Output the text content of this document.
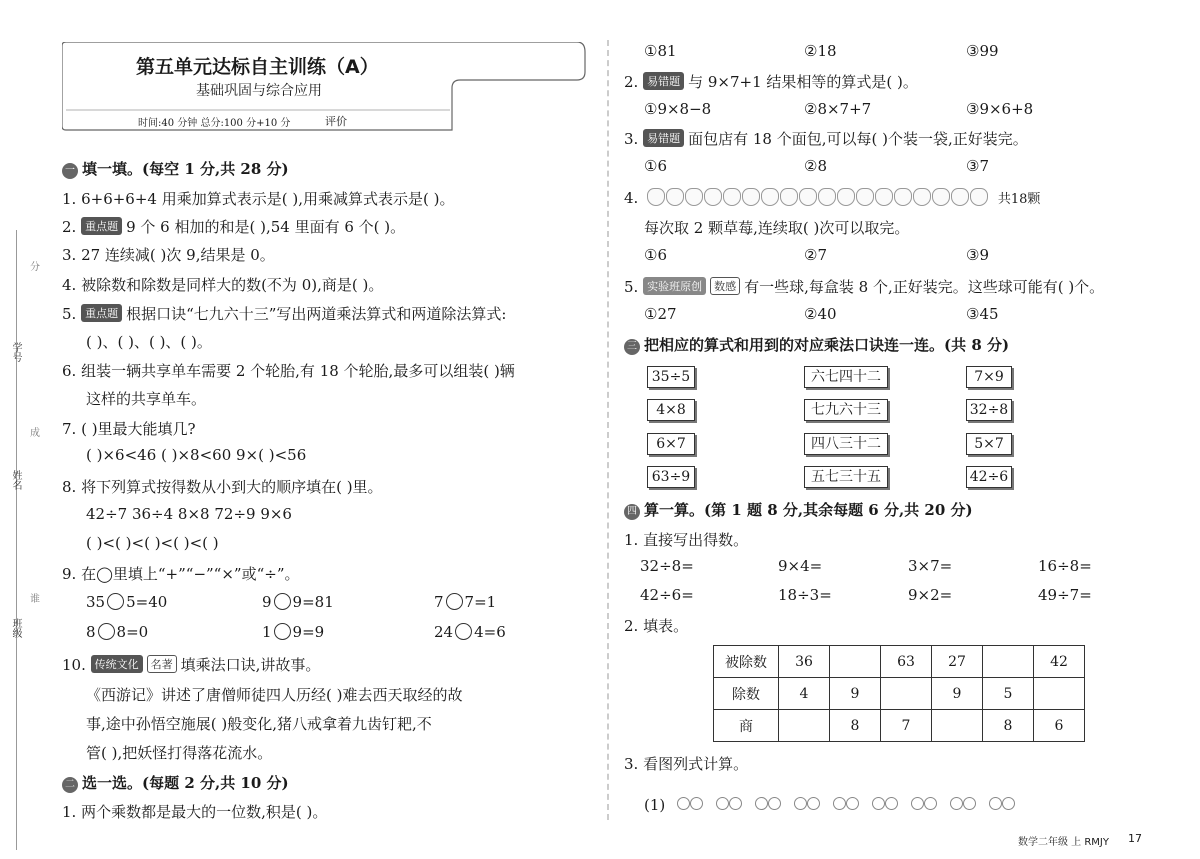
分
学号
成
姓名
谁
班级
第五单元达标自主训练（A）
基础巩固与综合应用
时间:40 分钟 总分:100 分+10 分	评价
一 填一填。(每空 1 分,共 28 分)
1. 6+6+6+4 用乘加算式表示是( ),用乘减算式表示是( )。
2. 重点题 9 个 6 相加的和是( ),54 里面有 6 个( )。
3. 27 连续减( )次 9,结果是 0。
4. 被除数和除数是同样大的数(不为 0),商是( )。
5. 重点题 根据口诀“七九六十三”写出两道乘法算式和两道除法算式:
( )、( )、( )、( )。
6. 组装一辆共享单车需要 2 个轮胎,有 18 个轮胎,最多可以组装( )辆
这样的共享单车。
7. ( )里最大能填几?
( )×6<46 ( )×8<60 9×( )<56
8. 将下列算式按得数从小到大的顺序填在( )里。
42÷7 36÷4 8×8 72÷9 9×6
( )<( )<( )<( )<( )
9. 在◯里填上“+”“−”“×”或“÷”。
35 5=40	9 9=81	7 7=1
8 8=0	1 9=9	24 4=6
10. 传统文化 名著 填乘法口诀,讲故事。
《西游记》讲述了唐僧师徒四人历经( )难去西天取经的故
事,途中孙悟空施展( )般变化,猪八戒拿着九齿钉耙,不
管( ),把妖怪打得落花流水。
二 选一选。(每题 2 分,共 10 分)
1. 两个乘数都是最大的一位数,积是( )。
①81	②18	③99
2. 易错题 与 9×7+1 结果相等的算式是( )。
①9×8−8	②8×7+7	③9×6+8
3. 易错题 面包店有 18 个面包,可以每( )个装一袋,正好装完。
①6	②8	③7
4.	共18颗
每次取 2 颗草莓,连续取( )次可以取完。
①6	②7	③9
5. 实验班原创 数感 有一些球,每盒装 8 个,正好装完。这些球可能有( )个。
①27	②40	③45
三 把相应的算式和用到的对应乘法口诀连一连。(共 8 分)
35÷5
4×8
6×7
63÷9
六七四十二
七九六十三
四八三十二
五七三十五
7×9
32÷8
5×7
42÷6
四 算一算。(第 1 题 8 分,其余每题 6 分,共 20 分)
1. 直接写出得数。
32÷8=	9×4=	3×7=	16÷8=
42÷6=	18÷3=	9×2=	49÷7=
2. 填表。
被除数	36		63	27		42
除数	4	9		9	5	
商		8	7		8	6
3. 看图列式计算。
(1)
数学二年级 上 RMJY 17
